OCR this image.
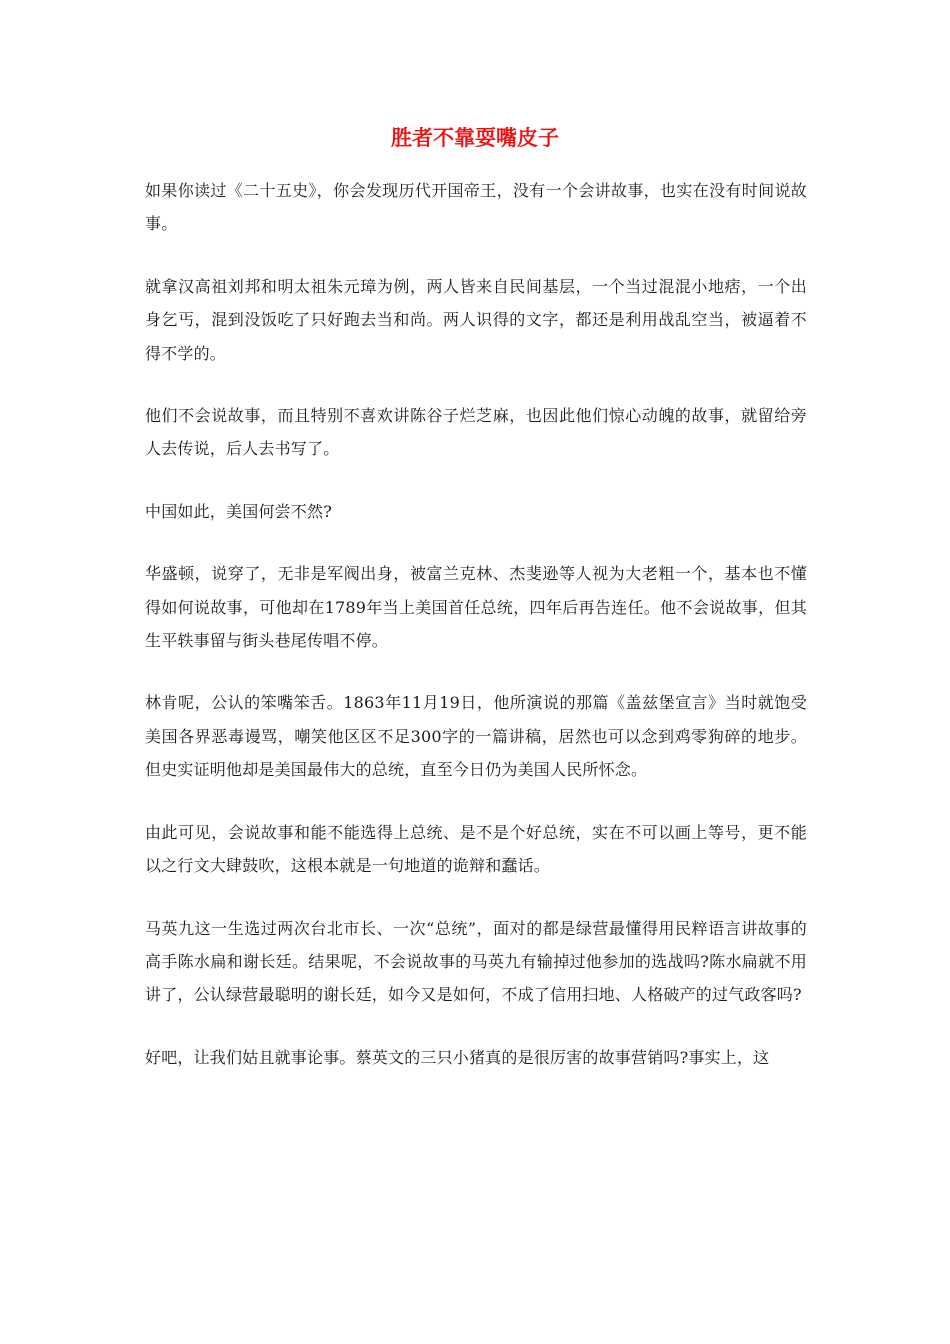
胜者不靠耍嘴皮子

如果你读过《二十五史》，你会发现历代开国帝王，没有一个会讲故事，也实在没有时间说故事。

就拿汉高祖刘邦和明太祖朱元璋为例，两人皆来自民间基层，一个当过混混小地痞，一个出身乞丐，混到没饭吃了只好跑去当和尚。两人识得的文字，都还是利用战乱空当，被逼着不得不学的。

他们不会说故事，而且特别不喜欢讲陈谷子烂芝麻，也因此他们惊心动魄的故事，就留给旁人去传说，后人去书写了。

中国如此，美国何尝不然?

华盛顿，说穿了，无非是军阀出身，被富兰克林、杰斐逊等人视为大老粗一个，基本也不懂得如何说故事，可他却在1789年当上美国首任总统，四年后再告连任。他不会说故事，但其生平轶事留与街头巷尾传唱不停。

林肯呢，公认的笨嘴笨舌。1863年11月19日，他所演说的那篇《盖兹堡宣言》当时就饱受美国各界恶毒谩骂，嘲笑他区区不足300字的一篇讲稿，居然也可以念到鸡零狗碎的地步。但史实证明他却是美国最伟大的总统，直至今日仍为美国人民所怀念。

由此可见，会说故事和能不能选得上总统、是不是个好总统，实在不可以画上等号，更不能以之行文大肆鼓吹，这根本就是一句地道的诡辩和蠢话。

马英九这一生选过两次台北市长、一次“总统”，面对的都是绿营最懂得用民粹语言讲故事的高手陈水扁和谢长廷。结果呢，不会说故事的马英九有输掉过他参加的选战吗?陈水扁就不用讲了，公认绿营最聪明的谢长廷，如今又是如何，不成了信用扫地、人格破产的过气政客吗?

好吧，让我们姑且就事论事。蔡英文的三只小猪真的是很厉害的故事营销吗?事实上，这
